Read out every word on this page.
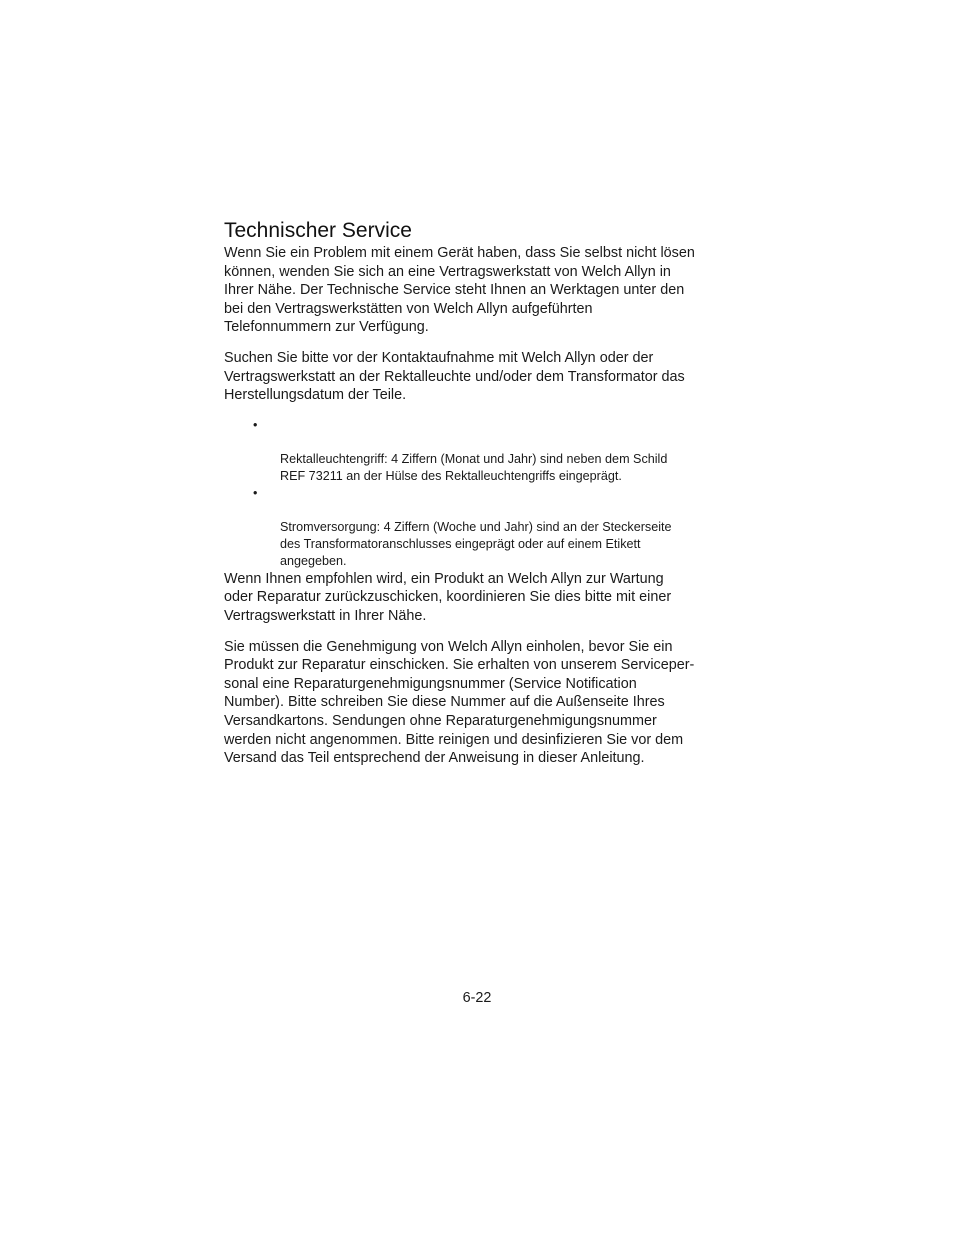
Technischer Service

Wenn Sie ein Problem mit einem Gerät haben, dass Sie selbst nicht lösen
können, wenden Sie sich an eine Vertragswerkstatt von Welch Allyn in
Ihrer Nähe. Der Technische Service steht Ihnen an Werktagen unter den
bei den Vertragswerkstätten von Welch Allyn aufgeführten
Telefonnummern zur Verfügung.

Suchen Sie bitte vor der Kontaktaufnahme mit Welch Allyn oder der
Vertragswerkstatt an der Rektalleuchte und/oder dem Transformator das
Herstellungsdatum der Teile.

•

Rektalleuchtengriff: 4 Ziffern (Monat und Jahr) sind neben dem Schild
REF 73211 an der Hülse des Rektalleuchtengriffs eingeprägt.

•

Stromversorgung: 4 Ziffern (Woche und Jahr) sind an der Steckerseite
des Transformatoranschlusses eingeprägt oder auf einem Etikett
angegeben.

Wenn Ihnen empfohlen wird, ein Produkt an Welch Allyn zur Wartung
oder Reparatur zurückzuschicken, koordinieren Sie dies bitte mit einer
Vertragswerkstatt in Ihrer Nähe.

Sie müssen die Genehmigung von Welch Allyn einholen, bevor Sie ein
Produkt zur Reparatur einschicken. Sie erhalten von unserem Serviceper-
sonal eine Reparaturgenehmigungsnummer (Service Notification
Number). Bitte schreiben Sie diese Nummer auf die Außenseite Ihres
Versandkartons. Sendungen ohne Reparaturgenehmigungsnummer
werden nicht angenommen. Bitte reinigen und desinfizieren Sie vor dem
Versand das Teil entsprechend der Anweisung in dieser Anleitung.

6-22
